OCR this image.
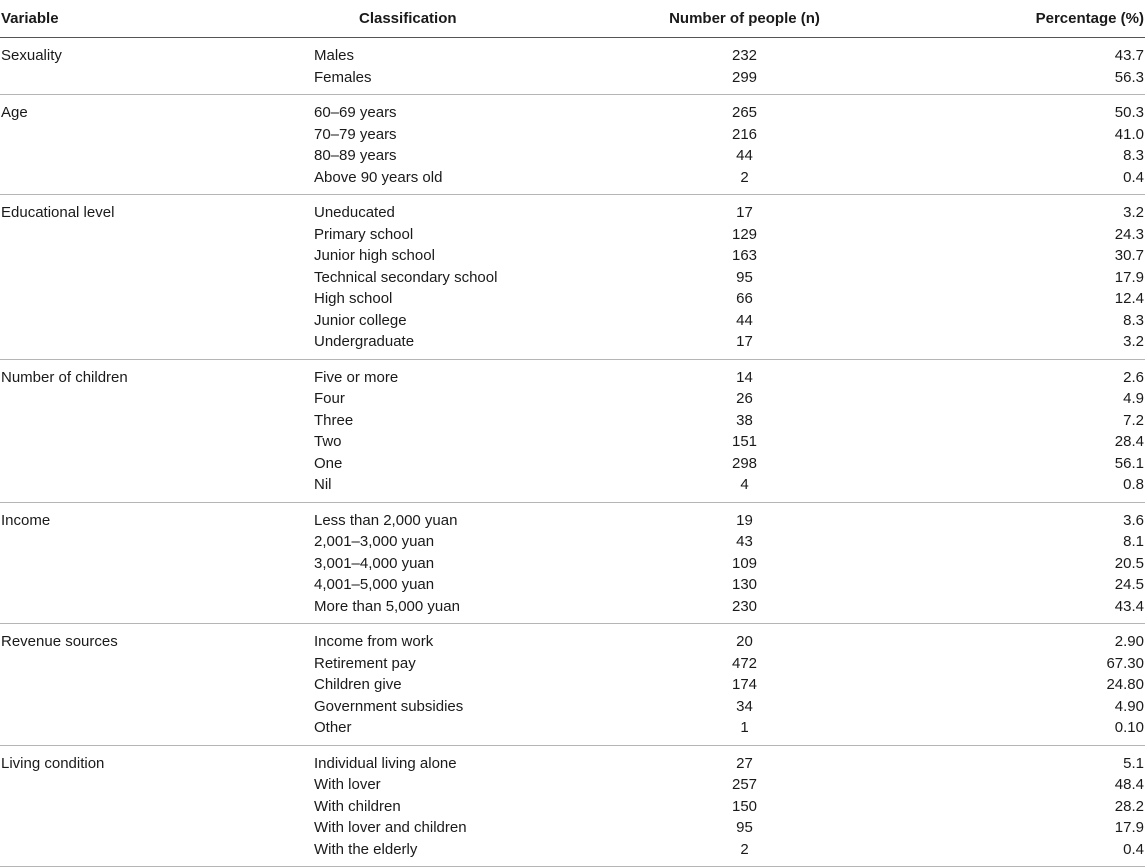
Variable	Classification	Number of people (n)	Percentage (%)
Sexuality	Males	232	43.7
	Females	299	56.3
Age	60–69 years	265	50.3
	70–79 years	216	41.0
	80–89 years	44	8.3
	Above 90 years old	2	0.4
Educational level	Uneducated	17	3.2
	Primary school	129	24.3
	Junior high school	163	30.7
	Technical secondary school	95	17.9
	High school	66	12.4
	Junior college	44	8.3
	Undergraduate	17	3.2
Number of children	Five or more	14	2.6
	Four	26	4.9
	Three	38	7.2
	Two	151	28.4
	One	298	56.1
	Nil	4	0.8
Income	Less than 2,000 yuan	19	3.6
	2,001–3,000 yuan	43	8.1
	3,001–4,000 yuan	109	20.5
	4,001–5,000 yuan	130	24.5
	More than 5,000 yuan	230	43.4
Revenue sources	Income from work	20	2.90
	Retirement pay	472	67.30
	Children give	174	24.80
	Government subsidies	34	4.90
	Other	1	0.10
Living condition	Individual living alone	27	5.1
	With lover	257	48.4
	With children	150	28.2
	With lover and children	95	17.9
	With the elderly	2	0.4
